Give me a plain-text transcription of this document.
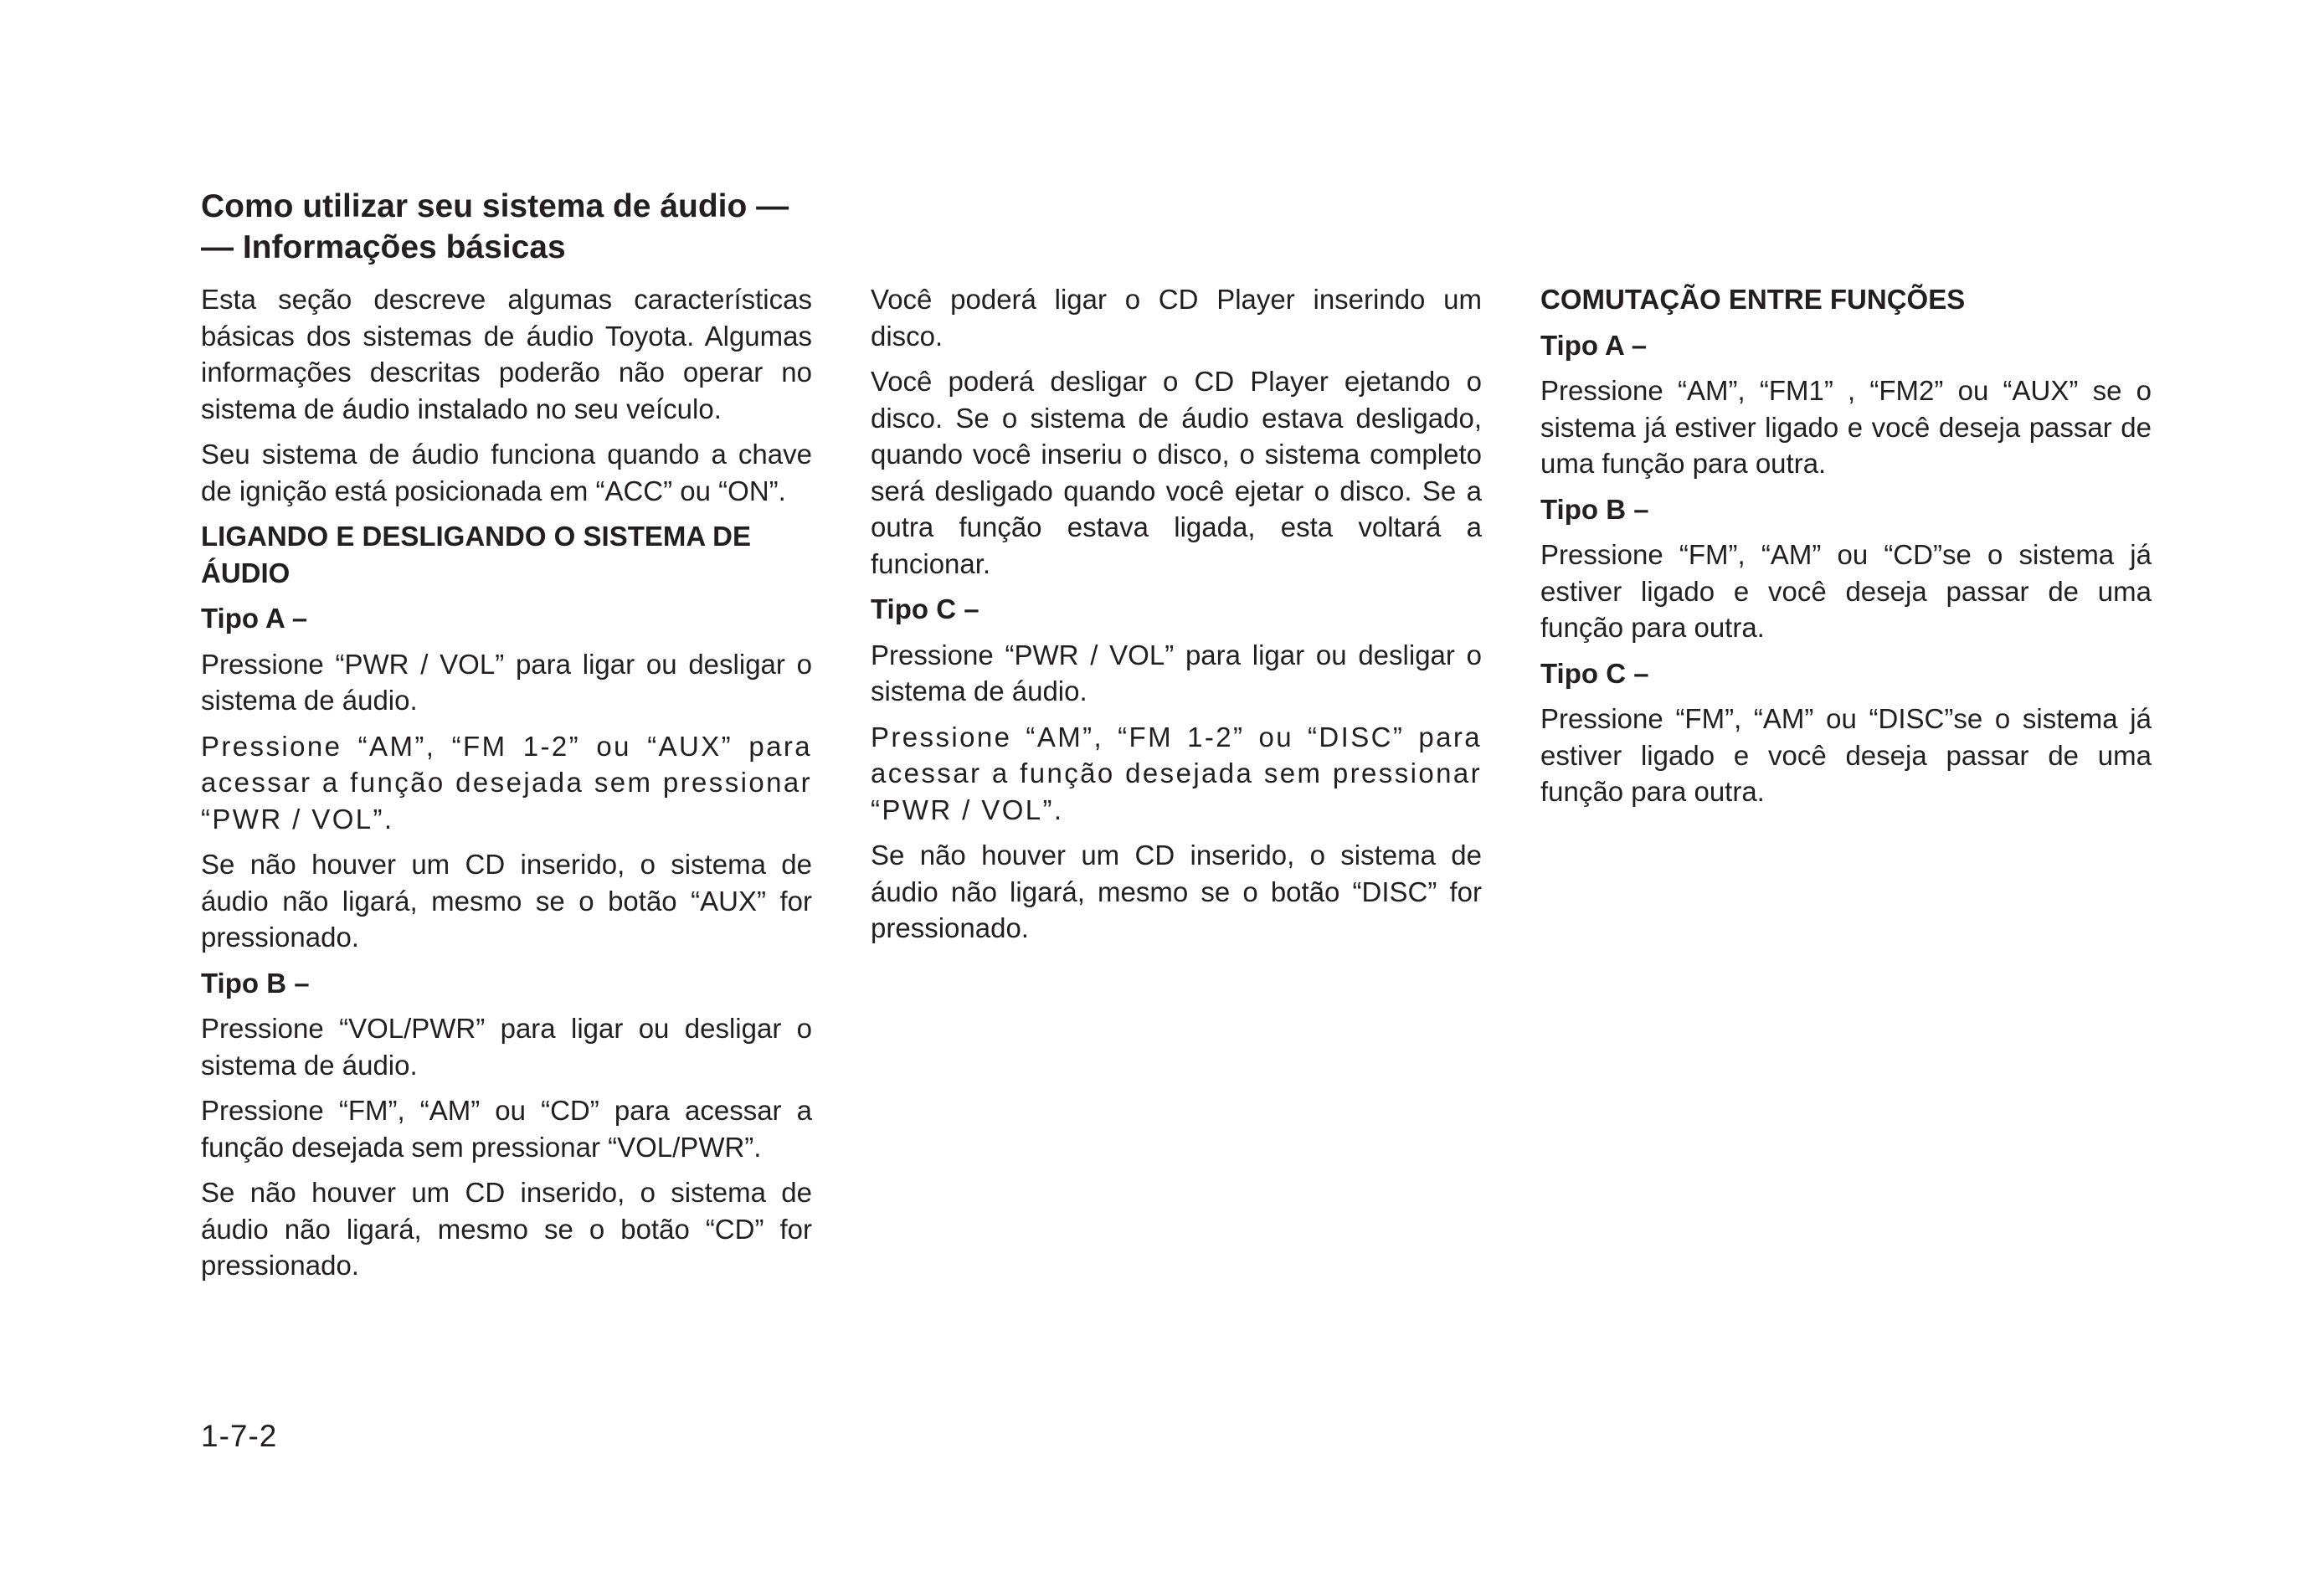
Como utilizar seu sistema de áudio —
— Informações básicas

Esta seção descreve algumas características básicas dos sistemas de áudio Toyota. Algumas informações descritas poderão não operar no sistema de áudio instalado no seu veículo.

Seu sistema de áudio funciona quando a chave de ignição está posicionada em “ACC” ou “ON”.

LIGANDO E DESLIGANDO O SISTEMA DE ÁUDIO
Tipo A –

Pressione “PWR / VOL” para ligar ou desligar o sistema de áudio.

Pressione “AM”, “FM 1-2” ou “AUX” para acessar a função desejada sem pressionar “PWR / VOL”.

Se não houver um CD inserido, o sistema de áudio não ligará, mesmo se o botão “AUX” for pressionado.

Tipo B –

Pressione “VOL/PWR” para ligar ou desligar o sistema de áudio.

Pressione “FM”, “AM” ou “CD” para acessar a função desejada sem pressionar “VOL/PWR”.

Se não houver um CD inserido, o sistema de áudio não ligará, mesmo se o botão “CD” for pressionado.

Você poderá ligar o CD Player inserindo um disco.

Você poderá desligar o CD Player ejetando o disco. Se o sistema de áudio estava desligado, quando você inseriu o disco, o sistema completo será desligado quando você ejetar o disco. Se a outra função estava ligada, esta voltará a funcionar.

Tipo C –

Pressione “PWR / VOL” para ligar ou desligar o sistema de áudio.

Pressione “AM”, “FM 1-2” ou “DISC” para acessar a função desejada sem pressionar “PWR / VOL”.

Se não houver um CD inserido, o sistema de áudio não ligará, mesmo se o botão “DISC” for pressionado.

COMUTAÇÃO ENTRE FUNÇÕES
Tipo A –

Pressione “AM”, “FM1” , “FM2” ou “AUX” se o sistema já estiver ligado e você deseja passar de uma função para outra.

Tipo B –

Pressione “FM”, “AM” ou “CD”se o sistema já estiver ligado e você deseja passar de uma função para outra.

Tipo C –

Pressione “FM”, “AM” ou “DISC”se o sistema já estiver ligado e você deseja passar de uma função para outra.

1-7-2
